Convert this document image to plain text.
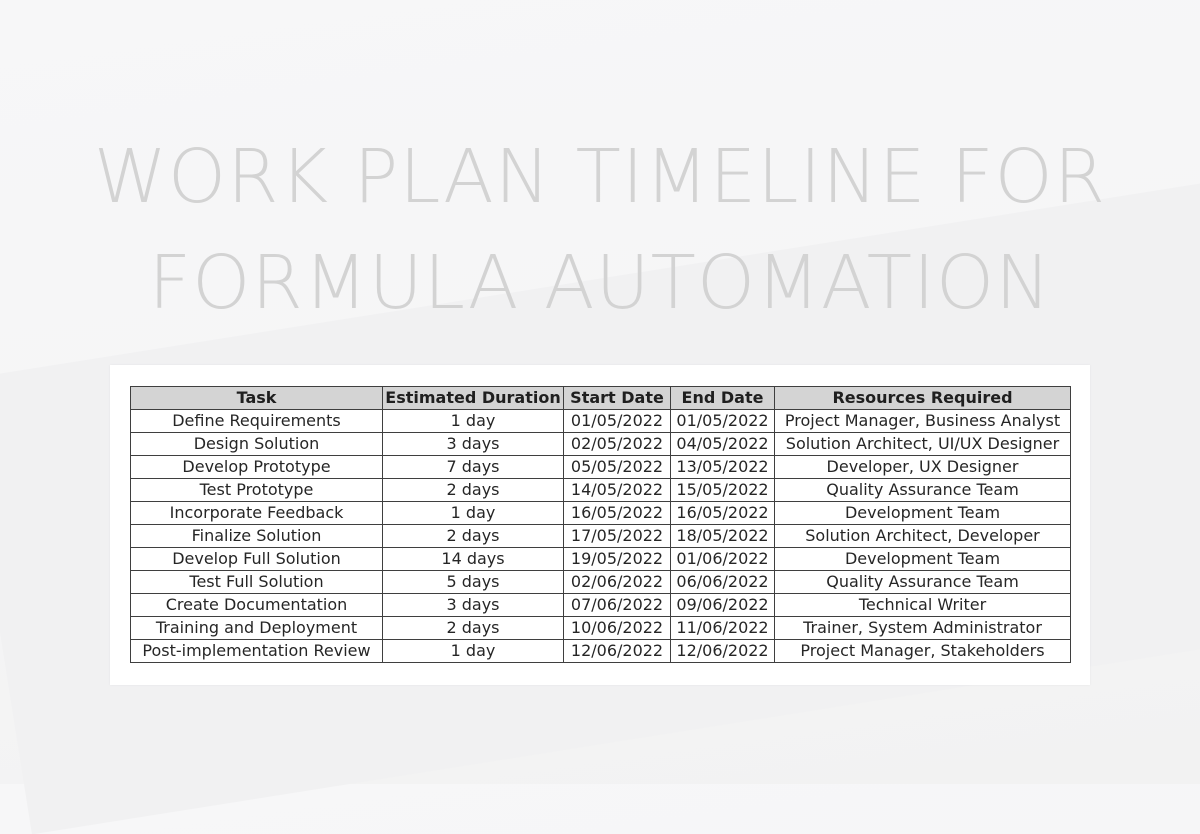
WORK PLAN TIMELINE FOR
FORMULA AUTOMATION
Task	Estimated Duration	Start Date	End Date	Resources Required
Define Requirements	1 day	01/05/2022	01/05/2022	Project Manager, Business Analyst
Design Solution	3 days	02/05/2022	04/05/2022	Solution Architect, UI/UX Designer
Develop Prototype	7 days	05/05/2022	13/05/2022	Developer, UX Designer
Test Prototype	2 days	14/05/2022	15/05/2022	Quality Assurance Team
Incorporate Feedback	1 day	16/05/2022	16/05/2022	Development Team
Finalize Solution	2 days	17/05/2022	18/05/2022	Solution Architect, Developer
Develop Full Solution	14 days	19/05/2022	01/06/2022	Development Team
Test Full Solution	5 days	02/06/2022	06/06/2022	Quality Assurance Team
Create Documentation	3 days	07/06/2022	09/06/2022	Technical Writer
Training and Deployment	2 days	10/06/2022	11/06/2022	Trainer, System Administrator
Post-implementation Review	1 day	12/06/2022	12/06/2022	Project Manager, Stakeholders
